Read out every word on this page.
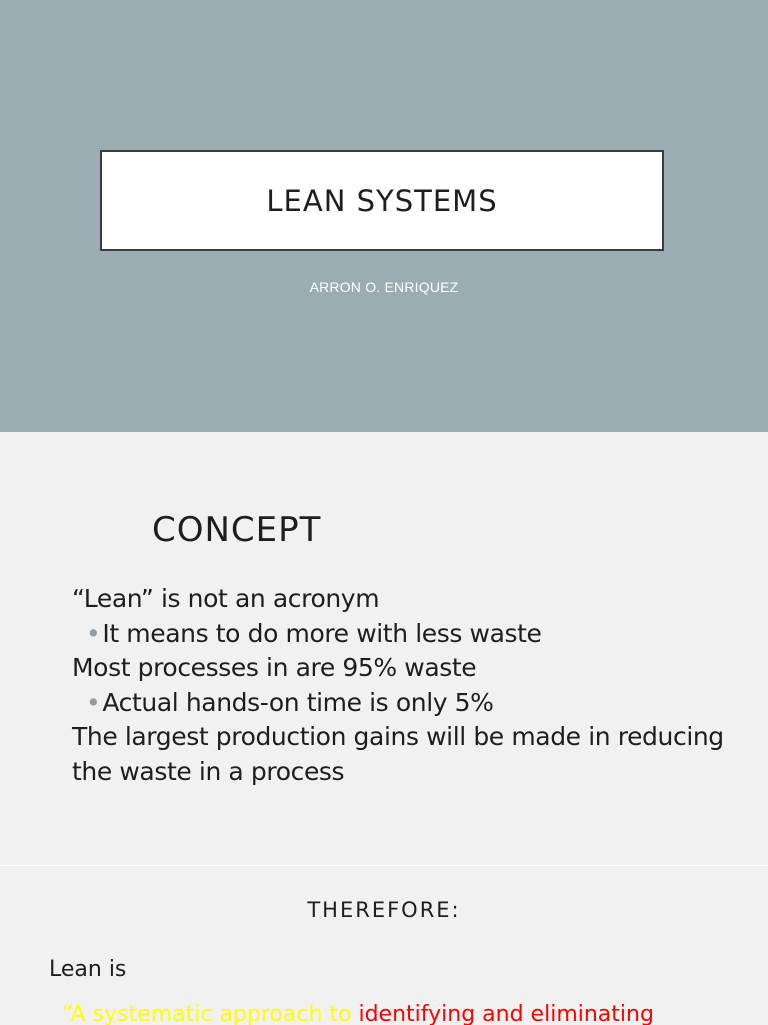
LEAN SYSTEMS
ARRON O. ENRIQUEZ
CONCEPT
“Lean” is not an acronym
•It means to do more with less waste
Most processes in are 95% waste
•Actual hands-on time is only 5%
The largest production gains will be made in reducing
the waste in a process
THEREFORE:
Lean is
“A systematic approach to identifying and eliminating
